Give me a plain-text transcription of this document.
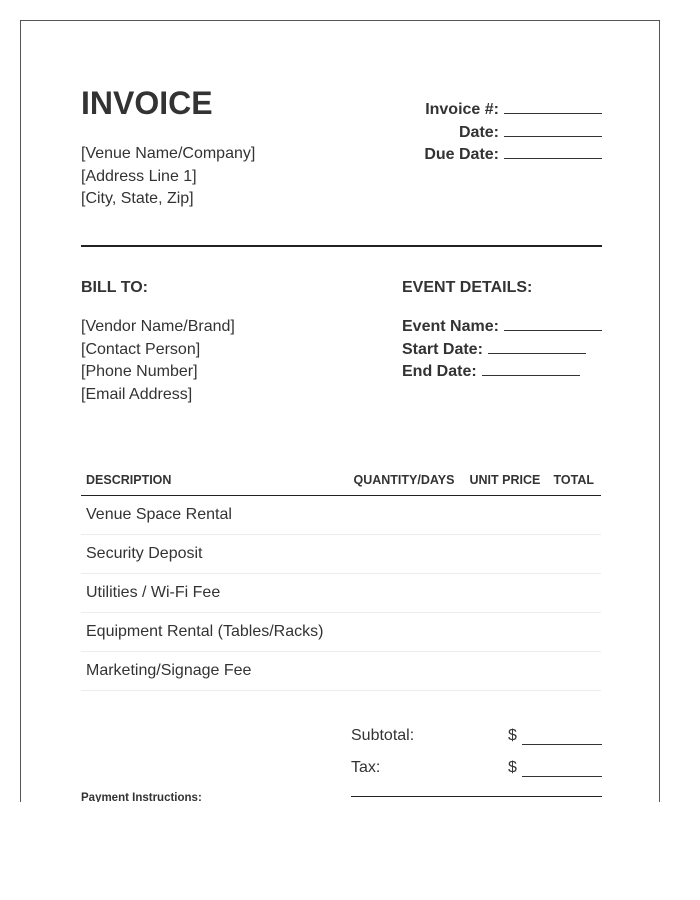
INVOICE
[Venue Name/Company]
[Address Line 1]
[City, State, Zip]
Invoice #:
Date:
Due Date:
BILL TO:	EVENT DETAILS:
[Vendor Name/Brand]
[Contact Person]
[Phone Number]
[Email Address]
Event Name:
Start Date:
End Date:
DESCRIPTION	QUANTITY/DAYS	UNIT PRICE	TOTAL
Venue Space Rental			
Security Deposit			
Utilities / Wi-Fi Fee			
Equipment Rental (Tables/Racks)			
Marketing/Signage Fee			
Subtotal:	$
Tax:	$
Payment Instructions:
